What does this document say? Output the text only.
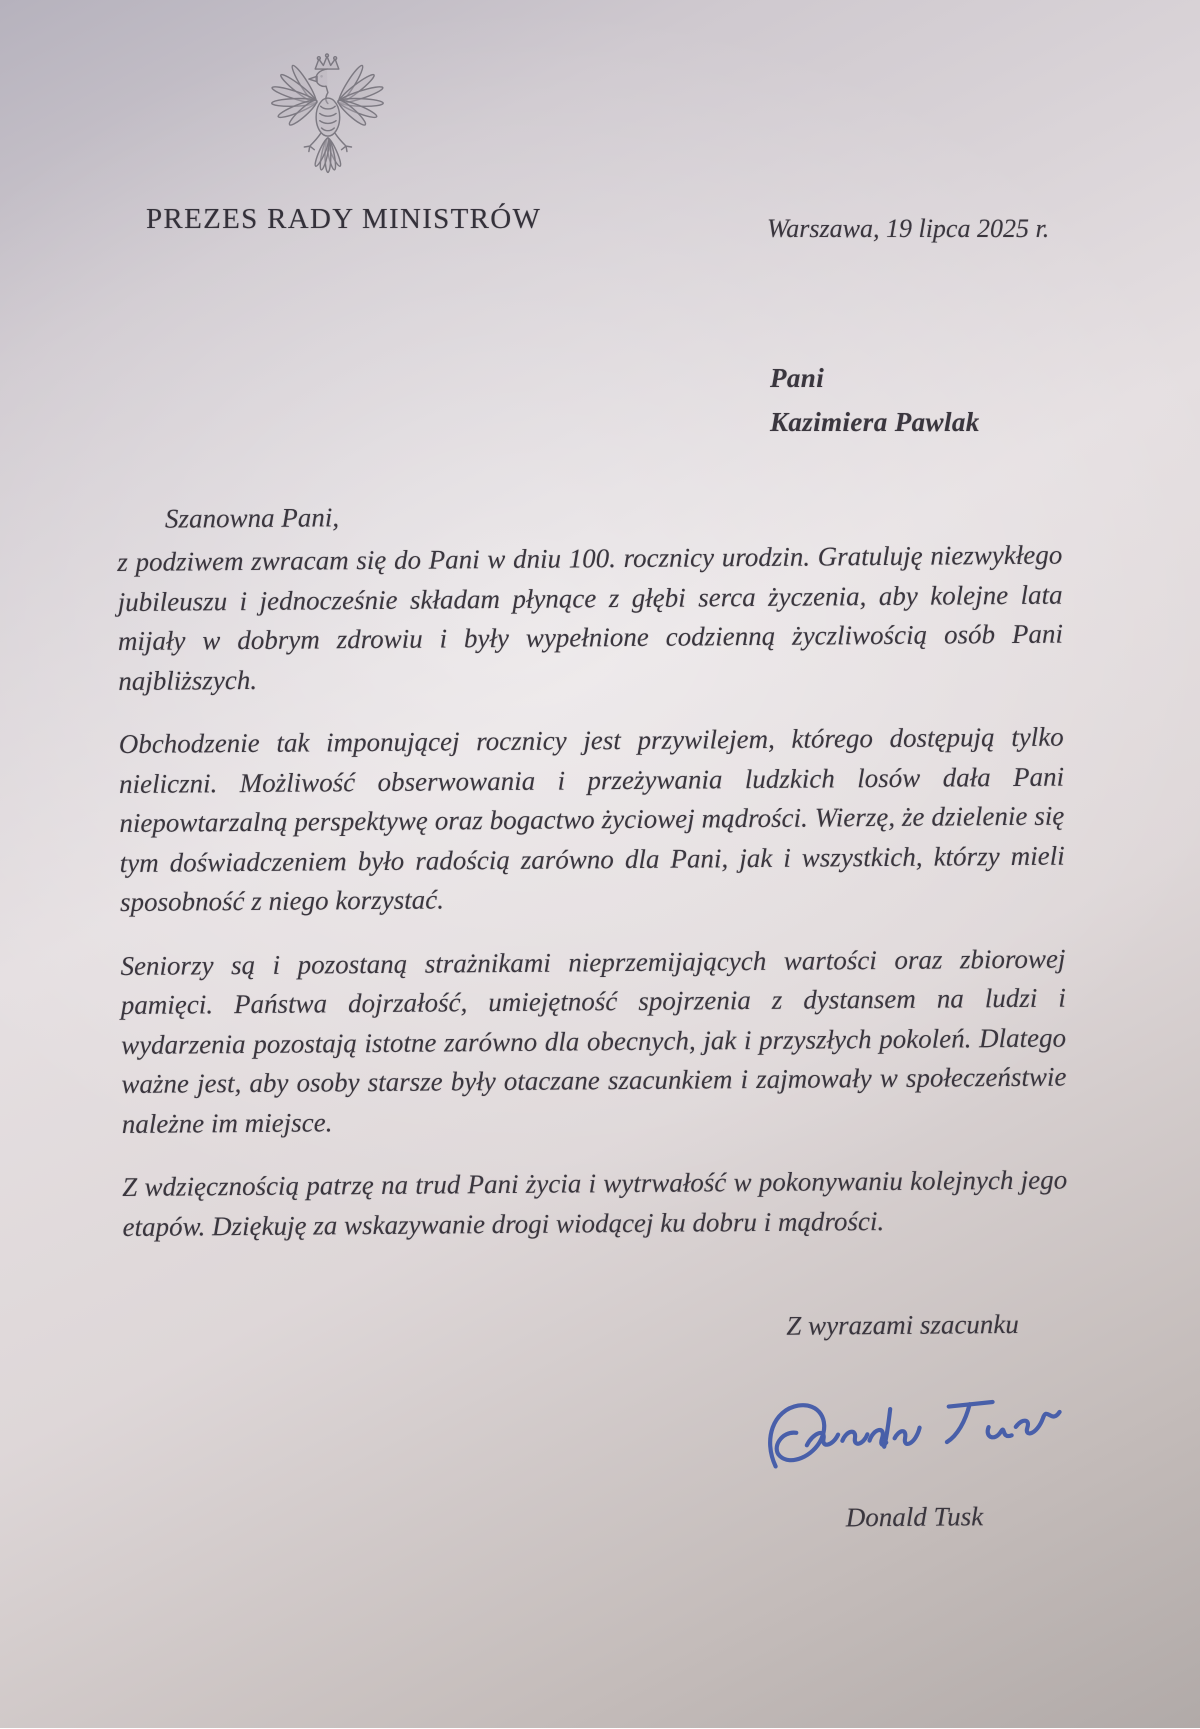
PREZES RADY MINISTRÓW	Warszawa, 19 lipca 2025 r.
Pani
Kazimiera Pawlak
Szanowna Pani,

z podziwem zwracam się do Pani w dniu 100. rocznicy urodzin. Gratuluję niezwykłego jubileuszu i jednocześnie składam płynące z głębi serca życzenia, aby kolejne lata mijały w dobrym zdrowiu i były wypełnione codzienną życzliwością osób Pani najbliższych.

Obchodzenie tak imponującej rocznicy jest przywilejem, którego dostępują tylko nieliczni. Możliwość obserwowania i przeżywania ludzkich losów dała Pani niepowtarzalną perspektywę oraz bogactwo życiowej mądrości. Wierzę, że dzielenie się tym doświadczeniem było radością zarówno dla Pani, jak i wszystkich, którzy mieli sposobność z niego korzystać.

Seniorzy są i pozostaną strażnikami nieprzemijających wartości oraz zbiorowej pamięci. Państwa dojrzałość, umiejętność spojrzenia z dystansem na ludzi i wydarzenia pozostają istotne zarówno dla obecnych, jak i przyszłych pokoleń. Dlatego ważne jest, aby osoby starsze były otaczane szacunkiem i zajmowały w społeczeństwie należne im miejsce.

Z wdzięcznością patrzę na trud Pani życia i wytrwałość w pokonywaniu kolejnych jego etapów. Dziękuję za wskazywanie drogi wiodącej ku dobru i mądrości.

Z wyrazami szacunku
Donald Tusk
